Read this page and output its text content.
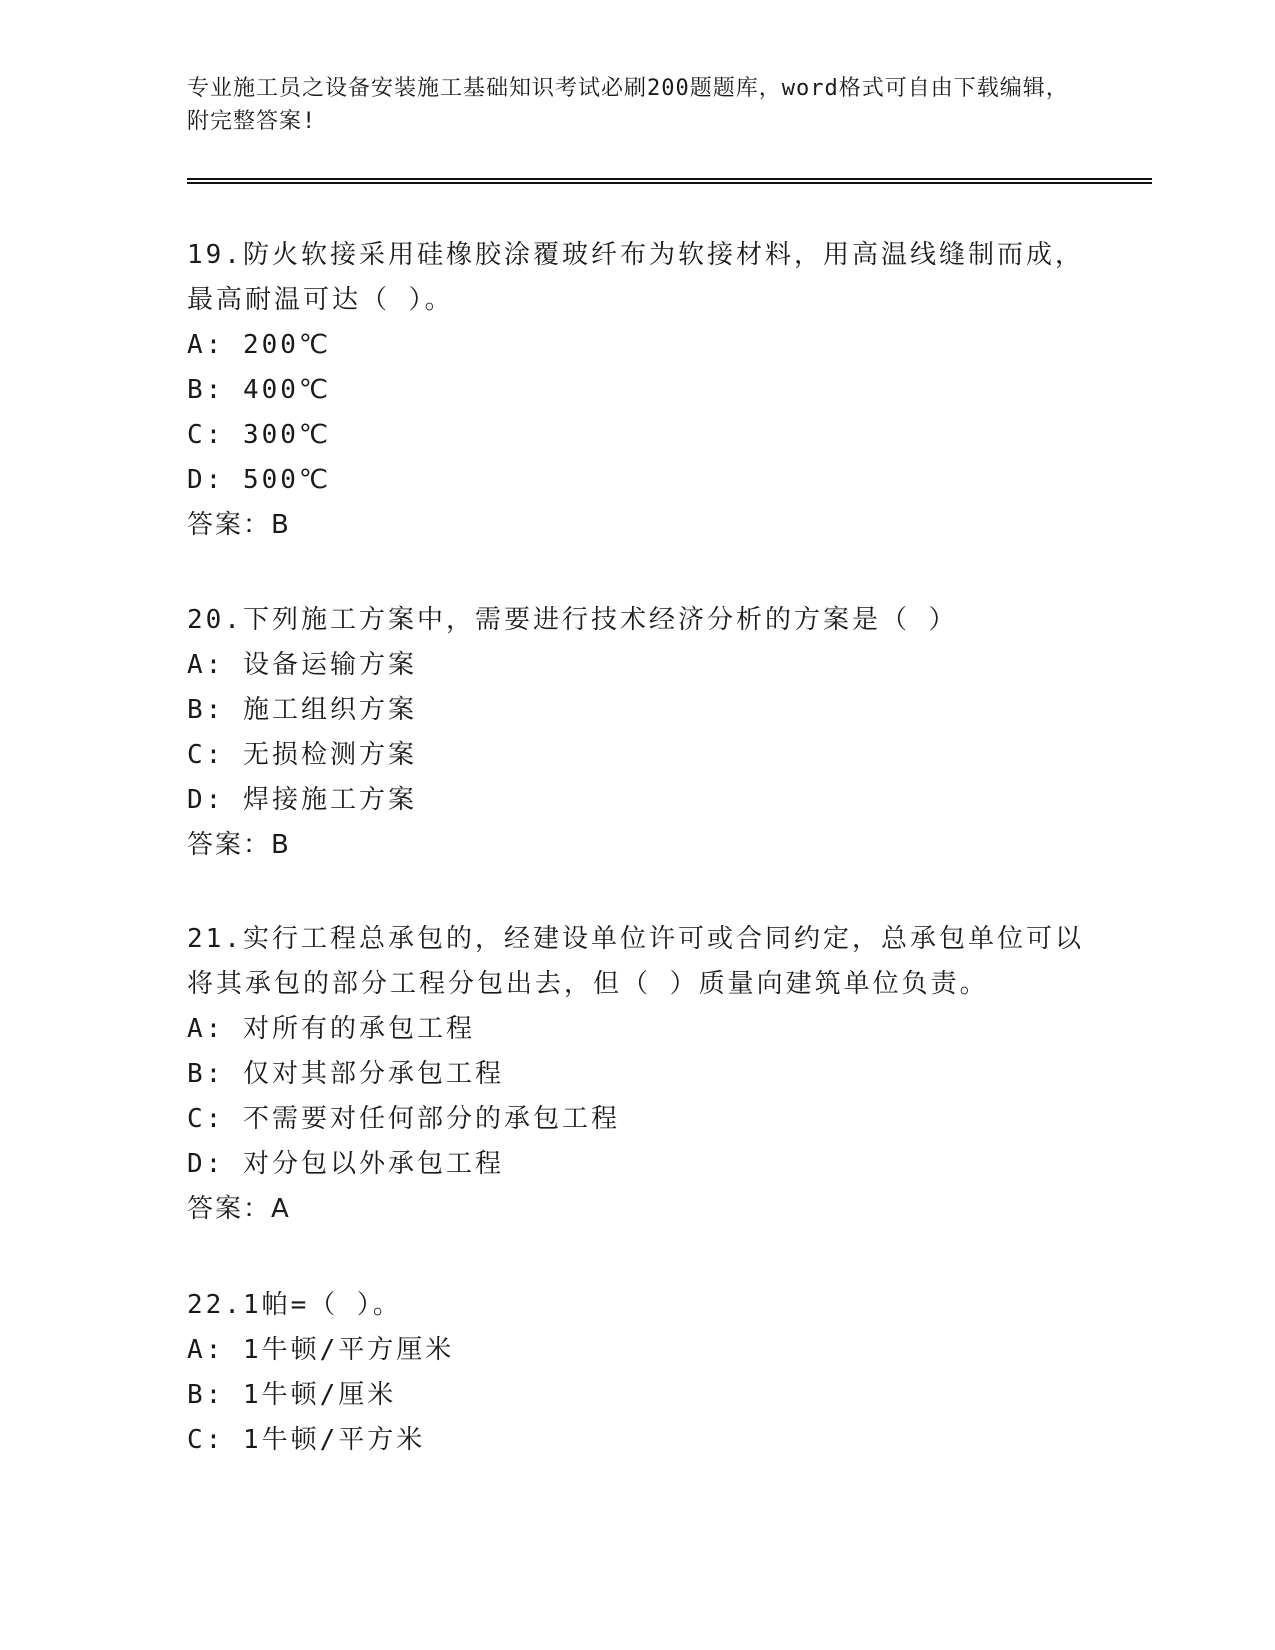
专业施工员之设备安装施工基础知识考试必刷200题题库，word格式可自由下载编辑，附完整答案!

19.防火软接采用硅橡胶涂覆玻纤布为软接材料，用高温线缝制而成，最高耐温可达（ ）。

A: 200℃

B: 400℃

C: 300℃

D: 500℃

答案：B

20.下列施工方案中，需要进行技术经济分析的方案是（ ）

A: 设备运输方案

B: 施工组织方案

C: 无损检测方案

D: 焊接施工方案

答案：B

21.实行工程总承包的，经建设单位许可或合同约定，总承包单位可以将其承包的部分工程分包出去，但（ ）质量向建筑单位负责。

A: 对所有的承包工程

B: 仅对其部分承包工程

C: 不需要对任何部分的承包工程

D: 对分包以外承包工程

答案：A

22.1帕=（ ）。

A: 1牛顿/平方厘米

B: 1牛顿/厘米

C: 1牛顿/平方米
